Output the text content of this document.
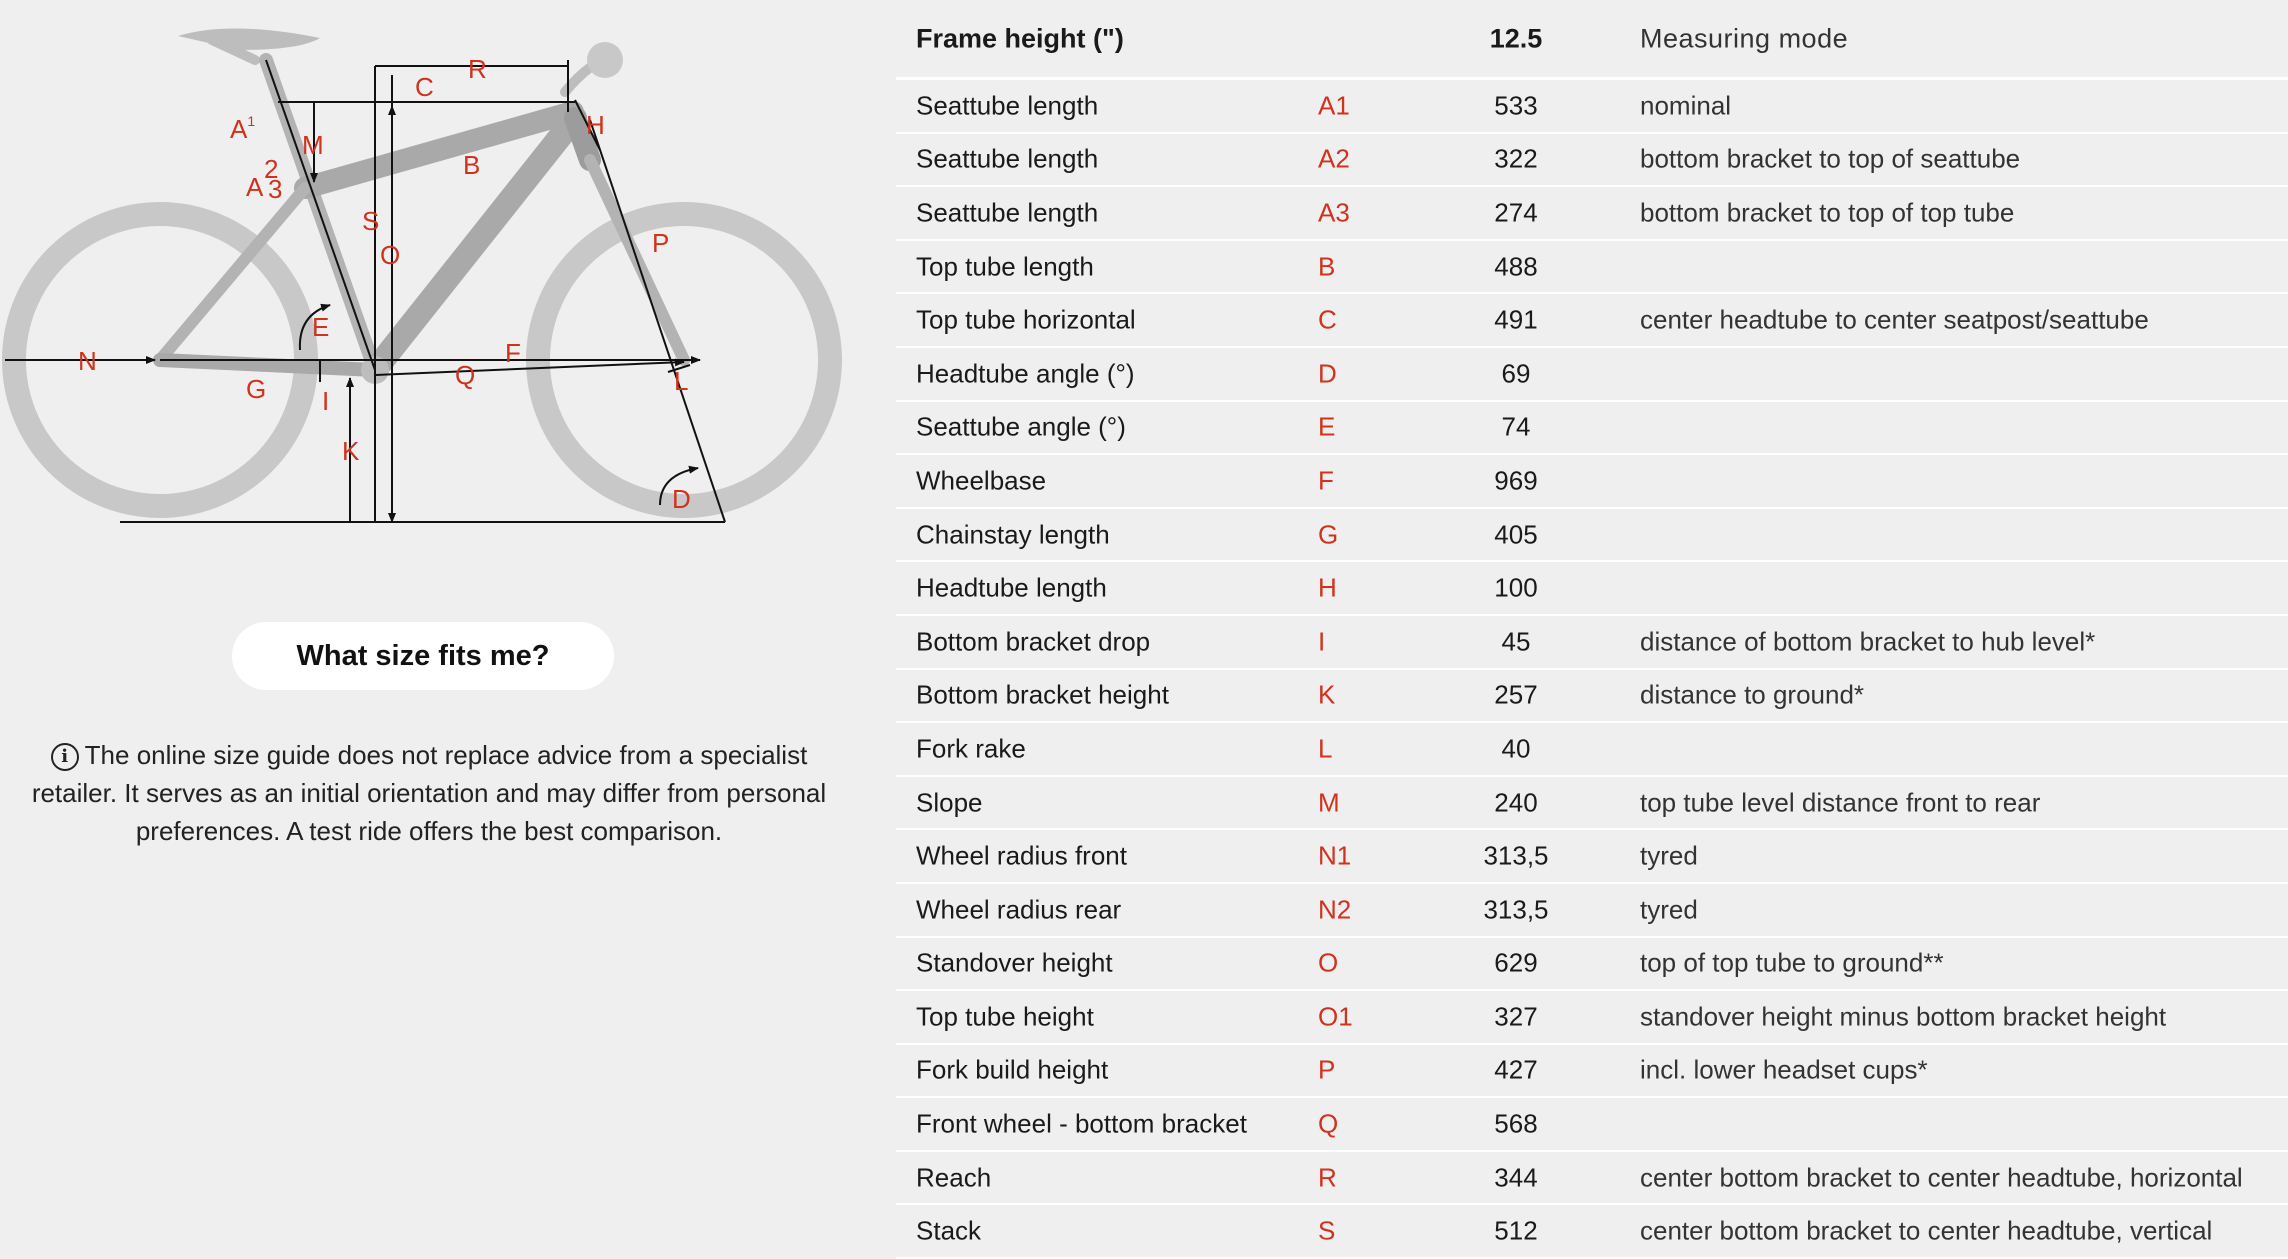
$A^1$
A
2
3
M
C
R
H
B
S
O	P
E
N	F
Q
G I
L
K
D
What size fits me?
i The online size guide does not replace advice from a specialist retailer. It serves as an initial orientation and may differ from personal preferences. A test ride offers the best comparison.
Frame height (")	12.5	Measuring mode
Seattube length	A1	533	nominal
Seattube length	A2	322	bottom bracket to top of seattube
Seattube length	A3	274	bottom bracket to top of top tube
Top tube length	B	488
Top tube horizontal	C	491	center headtube to center seatpost/seattube
Headtube angle (°)	D	69
Seattube angle (°)	E	74
Wheelbase	F	969
Chainstay length	G	405
Headtube length	H	100
Bottom bracket drop	I	45	distance of bottom bracket to hub level*
Bottom bracket height	K	257	distance to ground*
Fork rake	L	40
Slope	M	240	top tube level distance front to rear
Wheel radius front	N1	313,5	tyred
Wheel radius rear	N2	313,5	tyred
Standover height	O	629	top of top tube to ground**
Top tube height	O1	327	standover height minus bottom bracket height
Fork build height	P	427	incl. lower headset cups*
Front wheel - bottom bracket	Q	568
Reach	R	344	center bottom bracket to center headtube, horizontal
Stack	S	512	center bottom bracket to center headtube, vertical
